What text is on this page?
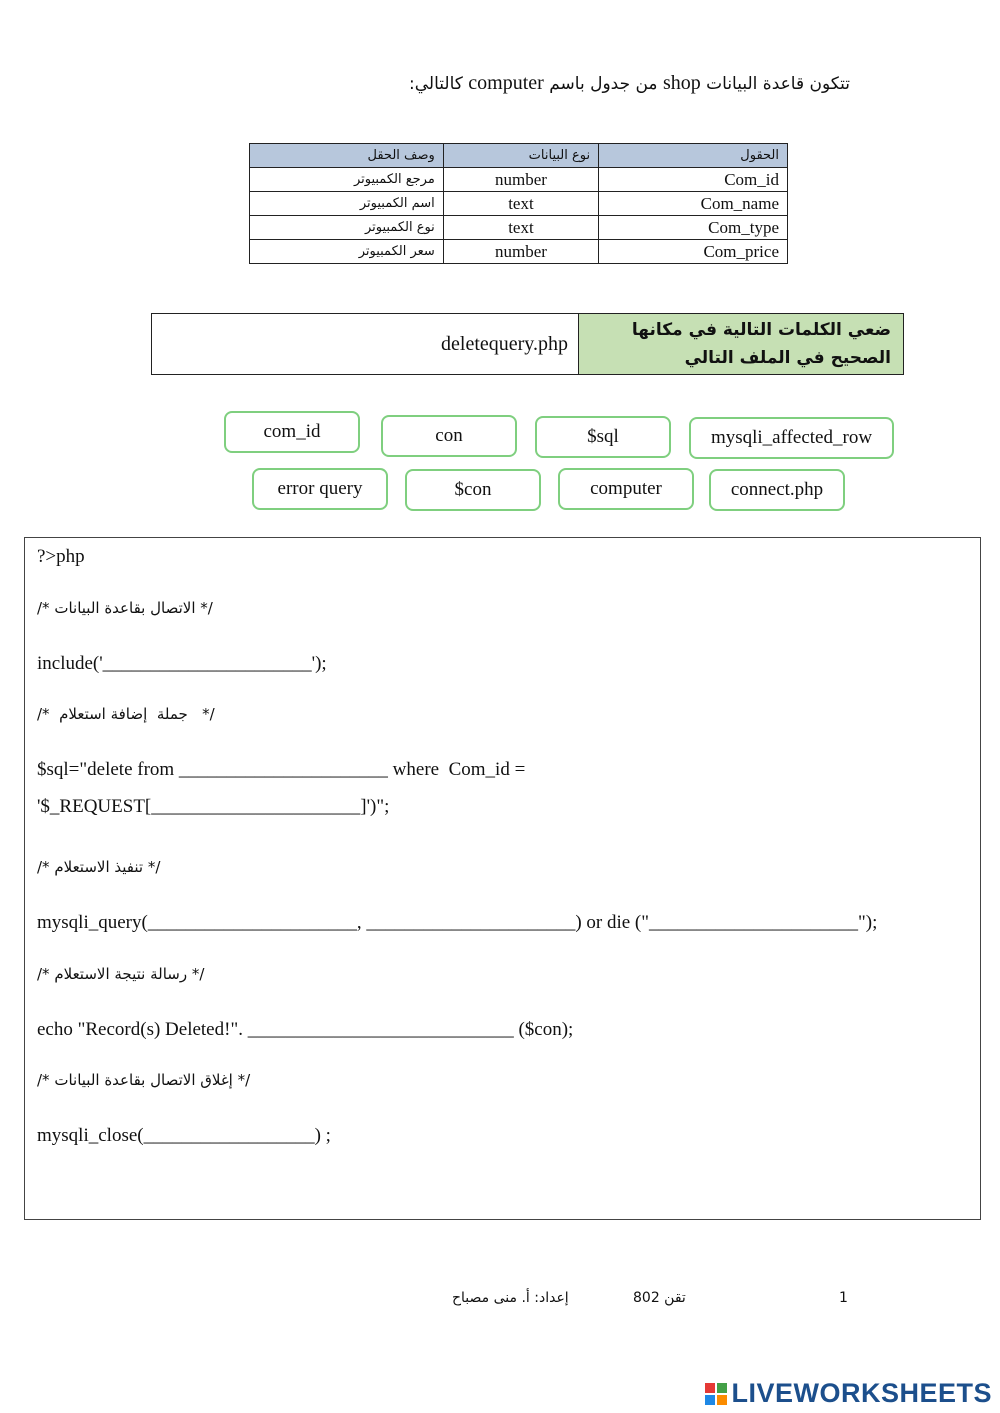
تتكون قاعدة البيانات shop من جدول باسم computer كالتالي:
الحقول	نوع البيانات	وصف الحقل
Com_id	number	مرجع الكمبيوتر
Com_name	text	اسم الكمبيوتر
Com_type	text	نوع الكمبيوتر
Com_price	number	سعر الكمبيوتر
ضعي الكلمات التالية في مكانها الصحيح في الملف التالي
deletequery.php
com_id	con	$sql	mysqli_affected_row
error query	$con	computer	connect.php
?>php
/* الاتصال بقاعدة البيانات */
include('______________________');
/*  جملة  إضافة استعلام   */
$sql="delete from ______________________ where  Com_id =
'$_REQUEST[______________________]')";
/* تنفيذ الاستعلام */
mysqli_query(______________________, ______________________) or die ("______________________");
/* رسالة نتيجة الاستعلام */
echo "Record(s) Deleted!". ____________________________ ($con);
/* إغلاق الاتصال بقاعدة البيانات */
mysqli_close(__________________) ;
إعداد: أ. منى مصباح	تقن 802	1
LIVEWORKSHEETS
